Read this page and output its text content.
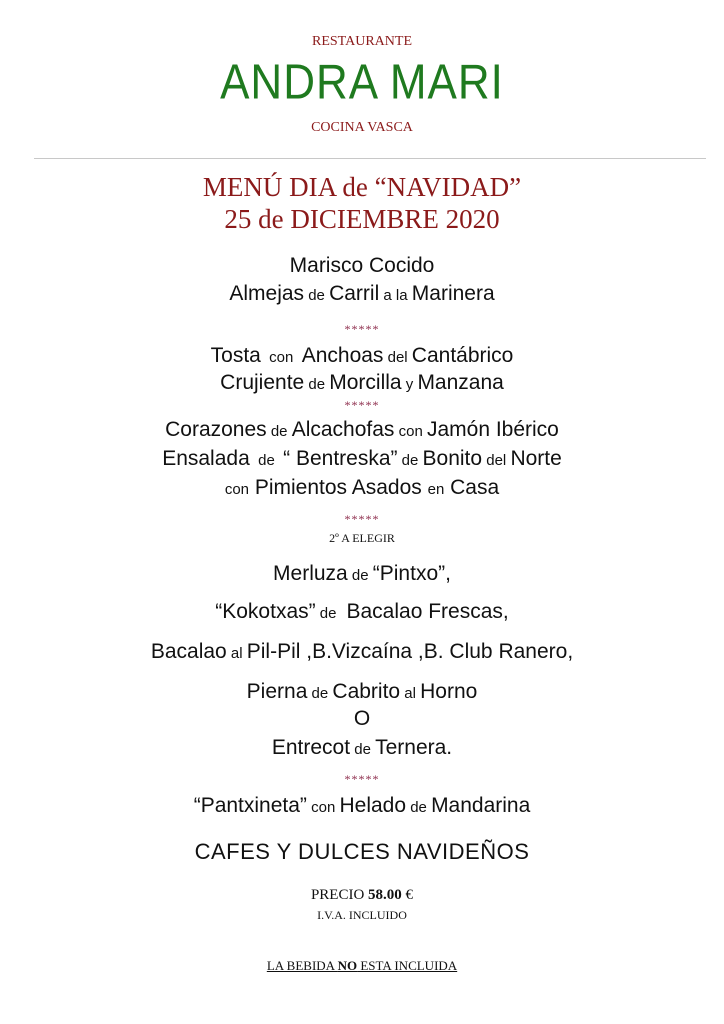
RESTAURANTE
ANDRA MARI
COCINA VASCA
MENÚ DIA de “NAVIDAD”
25 de DICIEMBRE 2020
Marisco Cocido
Almejas de Carril a la Marinera
*****
Tosta  con  Anchoas del Cantábrico
Crujiente de Morcilla y Manzana
*****
Corazones de Alcachofas con Jamón Ibérico
Ensalada  de  “ Bentreska” de Bonito del Norte
con Pimientos Asados en Casa
*****
2º A ELEGIR
Merluza de “Pintxo”,
“Kokotxas” de  Bacalao Frescas,
Bacalao al Pil-Pil ,B.Vizcaína ,B. Club Ranero,
Pierna de Cabrito al Horno
O
Entrecot de Ternera.
*****
“Pantxineta” con Helado de Mandarina
CAFES Y DULCES NAVIDEÑOS
PRECIO 58.00 €
I.V.A. INCLUIDO
LA BEBIDA NO ESTA INCLUIDA
